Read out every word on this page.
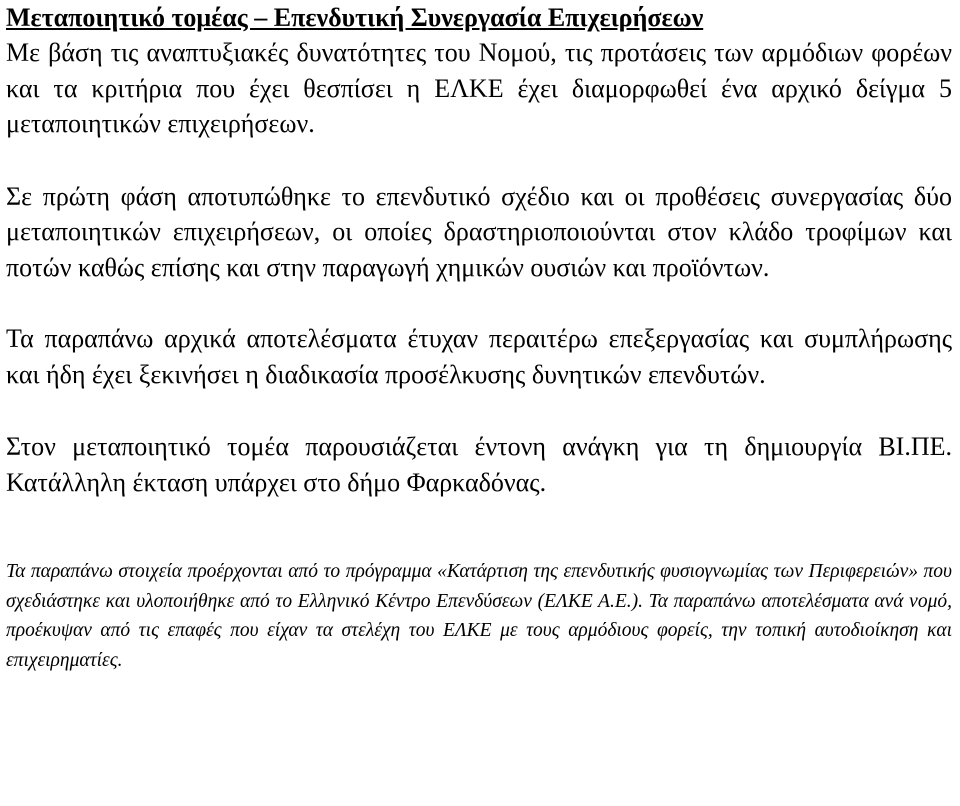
Μεταποιητικό τομέας – Επενδυτική Συνεργασία Επιχειρήσεων

Με βάση τις αναπτυξιακές δυνατότητες του Νομού, τις προτάσεις των αρμόδιων φορέων και τα κριτήρια που έχει θεσπίσει η ΕΛΚΕ έχει διαμορφωθεί ένα αρχικό δείγμα 5 μεταποιητικών επιχειρήσεων.

Σε πρώτη φάση αποτυπώθηκε το επενδυτικό σχέδιο και οι προθέσεις συνεργασίας δύο μεταποιητικών επιχειρήσεων, οι οποίες δραστηριοποιούνται στον κλάδο τροφίμων και ποτών καθώς επίσης και στην παραγωγή χημικών ουσιών και προϊόντων.

Τα παραπάνω αρχικά αποτελέσματα έτυχαν περαιτέρω επεξεργασίας και συμπλήρωσης και ήδη έχει ξεκινήσει η διαδικασία προσέλκυσης δυνητικών επενδυτών.

Στον μεταποιητικό τομέα παρουσιάζεται έντονη ανάγκη για τη δημιουργία ΒΙ.ΠΕ. Κατάλληλη έκταση υπάρχει στο δήμο Φαρκαδόνας.

Τα παραπάνω στοιχεία προέρχονται από το πρόγραμμα «Κατάρτιση της επενδυτικής φυσιογνωμίας των Περιφερειών» που σχεδιάστηκε και υλοποιήθηκε από το Ελληνικό Κέντρο Επενδύσεων (ΕΛΚΕ Α.Ε.). Τα παραπάνω αποτελέσματα ανά νομό, προέκυψαν από τις επαφές που είχαν τα στελέχη του ΕΛΚΕ με τους αρμόδιους φορείς, την τοπική αυτοδιοίκηση και επιχειρηματίες.
